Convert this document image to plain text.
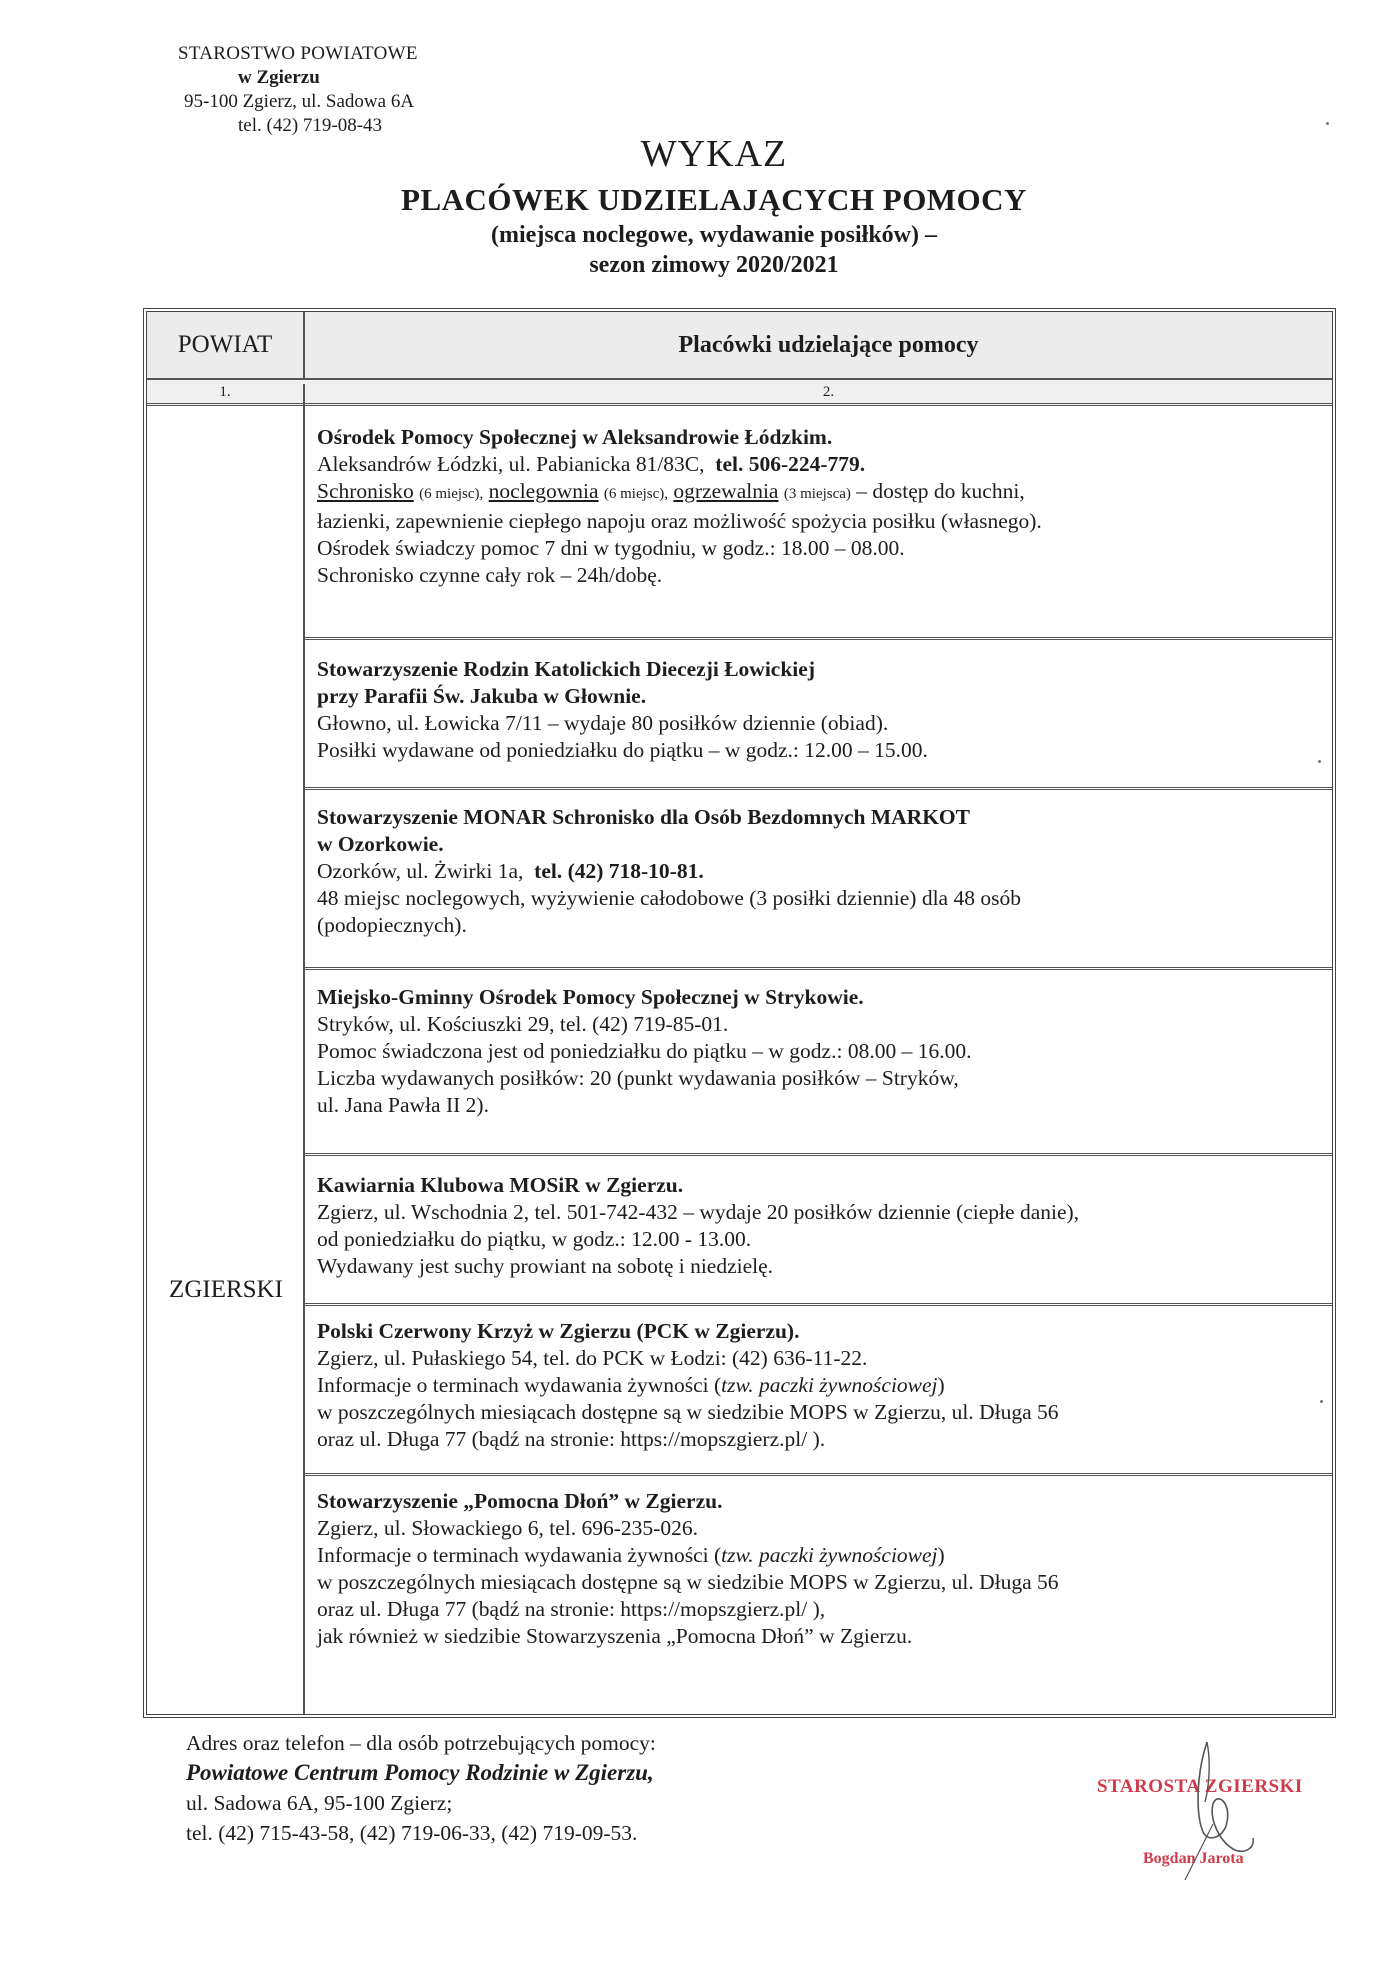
STAROSTWO POWIATOWE
w Zgierzu
95-100 Zgierz, ul. Sadowa 6A
tel. (42) 719-08-43
WYKAZ
PLACÓWEK UDZIELAJĄCYCH POMOCY
(miejsca noclegowe, wydawanie posiłków) –
sezon zimowy 2020/2021
POWIAT	Placówki udzielające pomocy
1.	2.
ZGIERSKI
Ośrodek Pomocy Społecznej w Aleksandrowie Łódzkim.
Aleksandrów Łódzki, ul. Pabianicka 81/83C, tel. 506-224-779.
Schronisko (6 miejsc), noclegownia (6 miejsc), ogrzewalnia (3 miejsca) – dostęp do kuchni,
łazienki, zapewnienie ciepłego napoju oraz możliwość spożycia posiłku (własnego).
Ośrodek świadczy pomoc 7 dni w tygodniu, w godz.: 18.00 – 08.00.
Schronisko czynne cały rok – 24h/dobę.
Stowarzyszenie Rodzin Katolickich Diecezji Łowickiej
przy Parafii Św. Jakuba w Głownie.
Głowno, ul. Łowicka 7/11 – wydaje 80 posiłków dziennie (obiad).
Posiłki wydawane od poniedziałku do piątku – w godz.: 12.00 – 15.00.
Stowarzyszenie MONAR Schronisko dla Osób Bezdomnych MARKOT
w Ozorkowie.
Ozorków, ul. Żwirki 1a, tel. (42) 718-10-81.
48 miejsc noclegowych, wyżywienie całodobowe (3 posiłki dziennie) dla 48 osób
(podopiecznych).
Miejsko-Gminny Ośrodek Pomocy Społecznej w Strykowie.
Stryków, ul. Kościuszki 29, tel. (42) 719-85-01.
Pomoc świadczona jest od poniedziałku do piątku – w godz.: 08.00 – 16.00.
Liczba wydawanych posiłków: 20 (punkt wydawania posiłków – Stryków,
ul. Jana Pawła II 2).
Kawiarnia Klubowa MOSiR w Zgierzu.
Zgierz, ul. Wschodnia 2, tel. 501-742-432 – wydaje 20 posiłków dziennie (ciepłe danie),
od poniedziałku do piątku, w godz.: 12.00 - 13.00.
Wydawany jest suchy prowiant na sobotę i niedzielę.
Polski Czerwony Krzyż w Zgierzu (PCK w Zgierzu).
Zgierz, ul. Pułaskiego 54, tel. do PCK w Łodzi: (42) 636-11-22.
Informacje o terminach wydawania żywności (tzw. paczki żywnościowej)
w poszczególnych miesiącach dostępne są w siedzibie MOPS w Zgierzu, ul. Długa 56
oraz ul. Długa 77 (bądź na stronie: https://mopszgierz.pl/ ).
Stowarzyszenie „Pomocna Dłoń” w Zgierzu.
Zgierz, ul. Słowackiego 6, tel. 696-235-026.
Informacje o terminach wydawania żywności (tzw. paczki żywnościowej)
w poszczególnych miesiącach dostępne są w siedzibie MOPS w Zgierzu, ul. Długa 56
oraz ul. Długa 77 (bądź na stronie: https://mopszgierz.pl/ ),
jak również w siedzibie Stowarzyszenia „Pomocna Dłoń” w Zgierzu.
Adres oraz telefon – dla osób potrzebujących pomocy:
Powiatowe Centrum Pomocy Rodzinie w Zgierzu,
ul. Sadowa 6A, 95-100 Zgierz;
tel. (42) 715-43-58, (42) 719-06-33, (42) 719-09-53.
STAROSTA ZGIERSKI
Bogdan Jarota
